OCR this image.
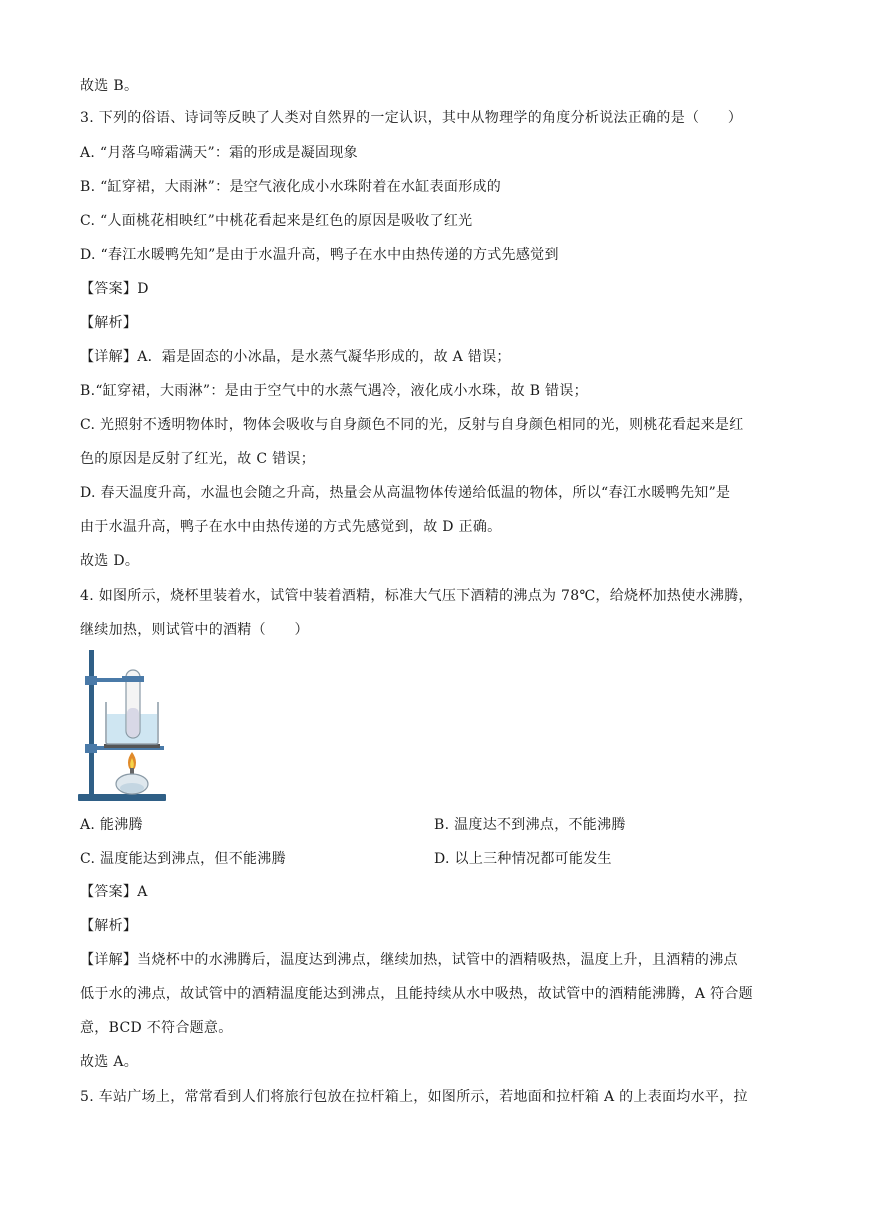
故选 B。
3. 下列的俗语、诗词等反映了人类对自然界的一定认识，其中从物理学的角度分析说法正确的是（　　）
A. “月落乌啼霜满天”：霜的形成是凝固现象
B. “缸穿裙，大雨淋”：是空气液化成小水珠附着在水缸表面形成的
C. “人面桃花相映红”中桃花看起来是红色的原因是吸收了红光
D. “春江水暖鸭先知”是由于水温升高，鸭子在水中由热传递的方式先感觉到
【答案】D
【解析】
【详解】A．霜是固态的小冰晶，是水蒸气凝华形成的，故 A 错误；
B.“缸穿裙，大雨淋”：是由于空气中的水蒸气遇冷，液化成小水珠，故 B 错误；
C. 光照射不透明物体时，物体会吸收与自身颜色不同的光，反射与自身颜色相同的光，则桃花看起来是红
色的原因是反射了红光，故 C 错误；
D. 春天温度升高，水温也会随之升高，热量会从高温物体传递给低温的物体，所以“春江水暖鸭先知”是
由于水温升高，鸭子在水中由热传递的方式先感觉到，故 D 正确。
故选 D。
4. 如图所示，烧杯里装着水，试管中装着酒精，标准大气压下酒精的沸点为 78℃，给烧杯加热使水沸腾，
继续加热，则试管中的酒精（　　）
A. 能沸腾	B. 温度达不到沸点，不能沸腾
C. 温度能达到沸点，但不能沸腾	D. 以上三种情况都可能发生
【答案】A
【解析】
【详解】当烧杯中的水沸腾后，温度达到沸点，继续加热，试管中的酒精吸热，温度上升，且酒精的沸点
低于水的沸点，故试管中的酒精温度能达到沸点，且能持续从水中吸热，故试管中的酒精能沸腾，A 符合题
意，BCD 不符合题意。
故选 A。
5. 车站广场上，常常看到人们将旅行包放在拉杆箱上，如图所示，若地面和拉杆箱 A 的上表面均水平，拉
